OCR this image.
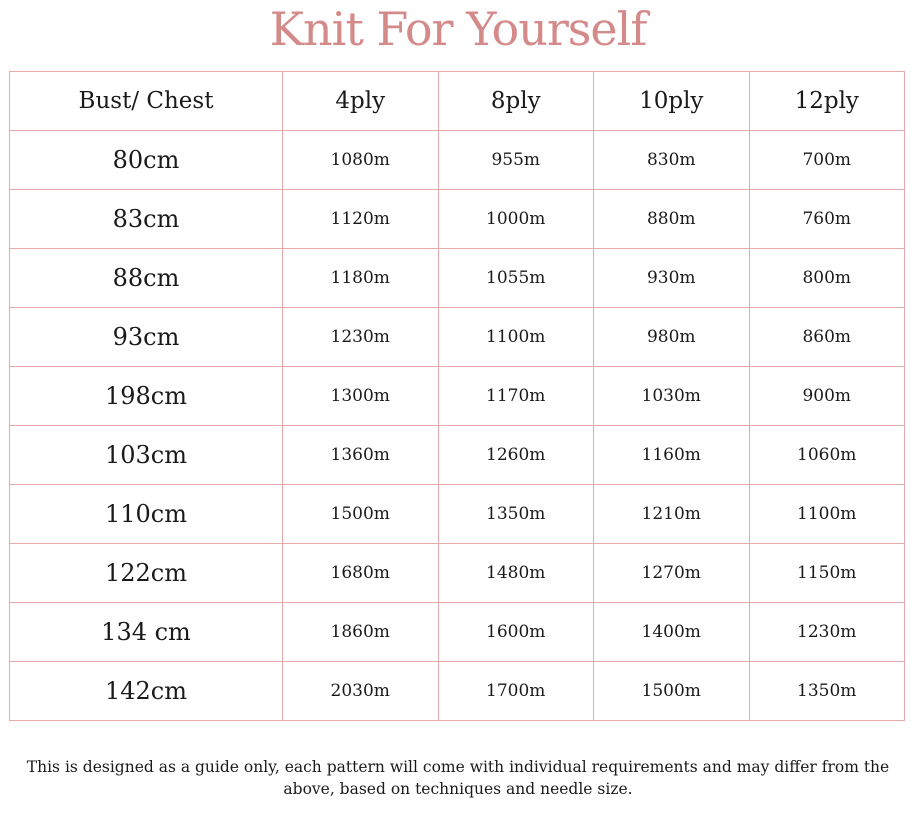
Knit For Yourself
Bust/ Chest	4ply	8ply	10ply	12ply
80cm	1080m	955m	830m	700m
83cm	1120m	1000m	880m	760m
88cm	1180m	1055m	930m	800m
93cm	1230m	1100m	980m	860m
198cm	1300m	1170m	1030m	900m
103cm	1360m	1260m	1160m	1060m
110cm	1500m	1350m	1210m	1100m
122cm	1680m	1480m	1270m	1150m
134 cm	1860m	1600m	1400m	1230m
142cm	2030m	1700m	1500m	1350m
This is designed as a guide only, each pattern will come with individual requirements and may differ from the
above, based on techniques and needle size.
